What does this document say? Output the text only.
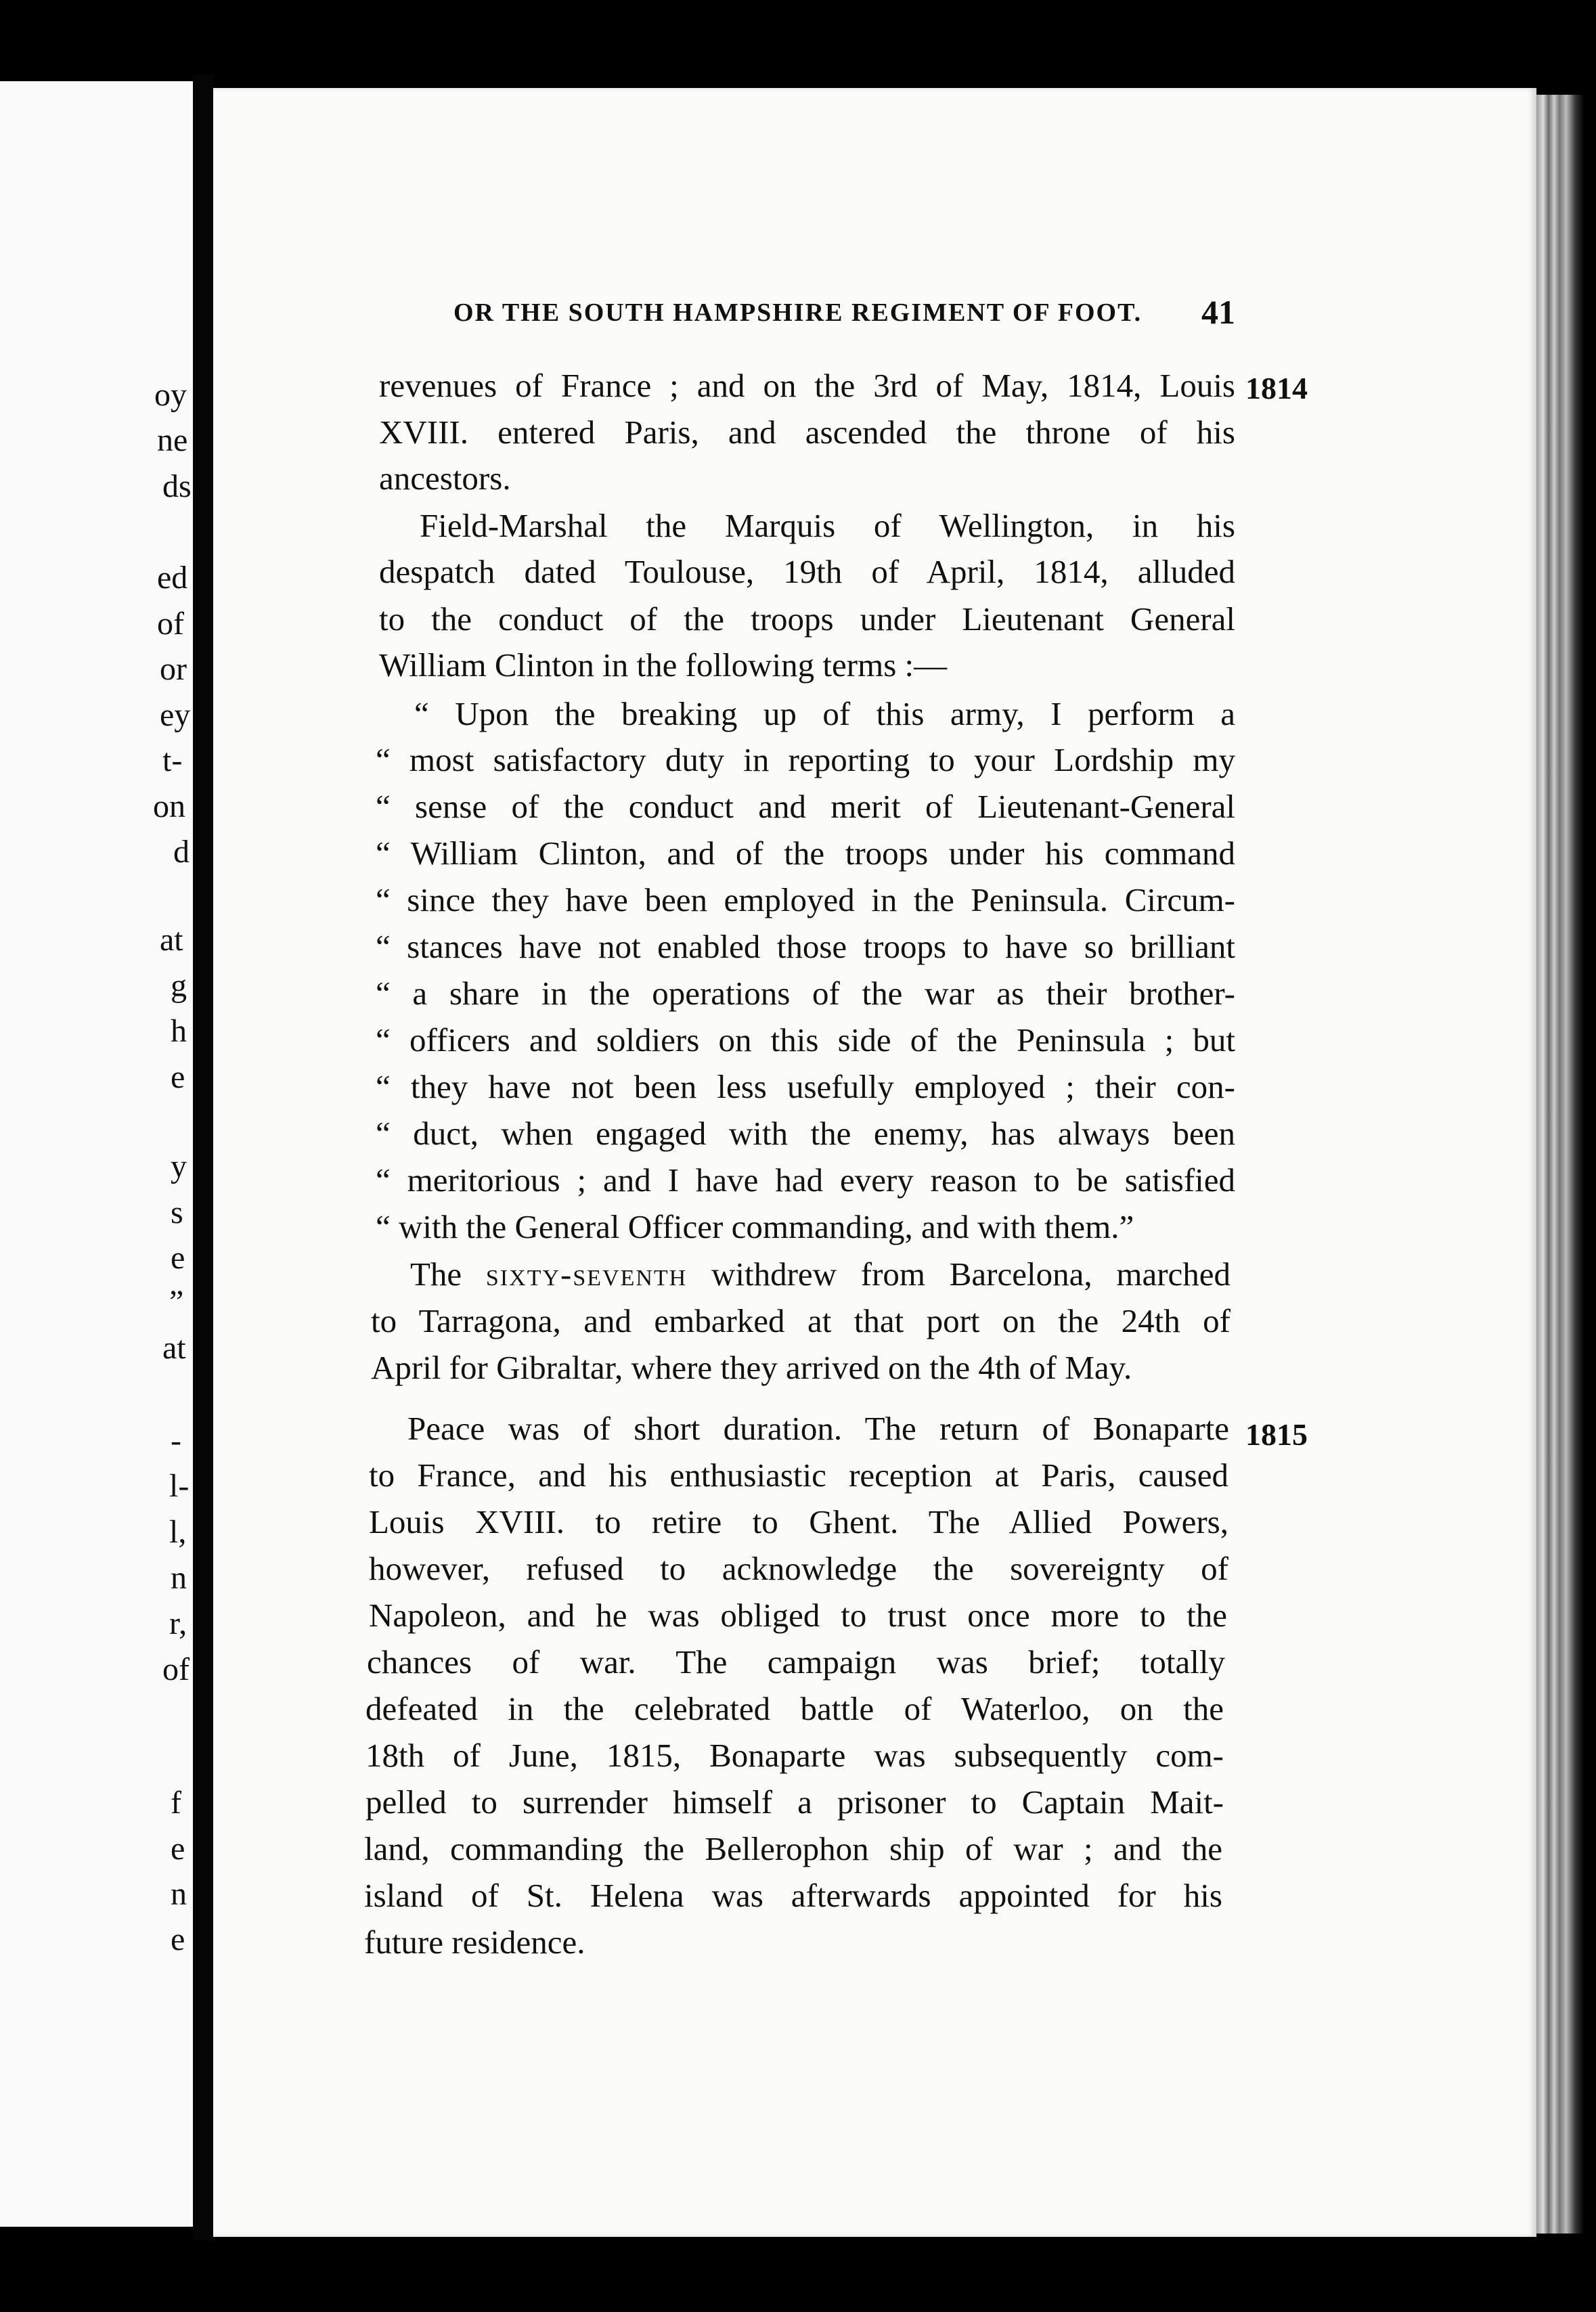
oy
ne
ds
ed
of
or
ey
t-
on
d
at
g
h
e
y
s
e
”
at
-
l-
l,
n
r,
of
f
e
n
e
OR THE SOUTH HAMPSHIRE REGIMENT OF FOOT.	41
1814
1815
revenues of France ; and on the 3rd of May, 1814, Louis
XVIII. entered Paris, and ascended the throne of his
ancestors.
Field-Marshal the Marquis of Wellington, in his
despatch dated Toulouse, 19th of April, 1814, alluded
to the conduct of the troops under Lieutenant General
William Clinton in the following terms :—
“ Upon the breaking up of this army, I perform a
“ most satisfactory duty in reporting to your Lordship my
“ sense of the conduct and merit of Lieutenant-General
“ William Clinton, and of the troops under his command
“ since they have been employed in the Peninsula. Circum-
“ stances have not enabled those troops to have so brilliant
“ a share in the operations of the war as their brother-
“ officers and soldiers on this side of the Peninsula ; but
“ they have not been less usefully employed ; their con-
“ duct, when engaged with the enemy, has always been
“ meritorious ; and I have had every reason to be satisfied
“ with the General Officer commanding, and with them.”
The sixty-seventh withdrew from Barcelona, marched
to Tarragona, and embarked at that port on the 24th of
April for Gibraltar, where they arrived on the 4th of May.
Peace was of short duration. The return of Bonaparte
to France, and his enthusiastic reception at Paris, caused
Louis XVIII. to retire to Ghent. The Allied Powers,
however, refused to acknowledge the sovereignty of
Napoleon, and he was obliged to trust once more to the
chances of war. The campaign was brief; totally
defeated in the celebrated battle of Waterloo, on the
18th of June, 1815, Bonaparte was subsequently com-
pelled to surrender himself a prisoner to Captain Mait-
land, commanding the Bellerophon ship of war ; and the
island of St. Helena was afterwards appointed for his
future residence.
